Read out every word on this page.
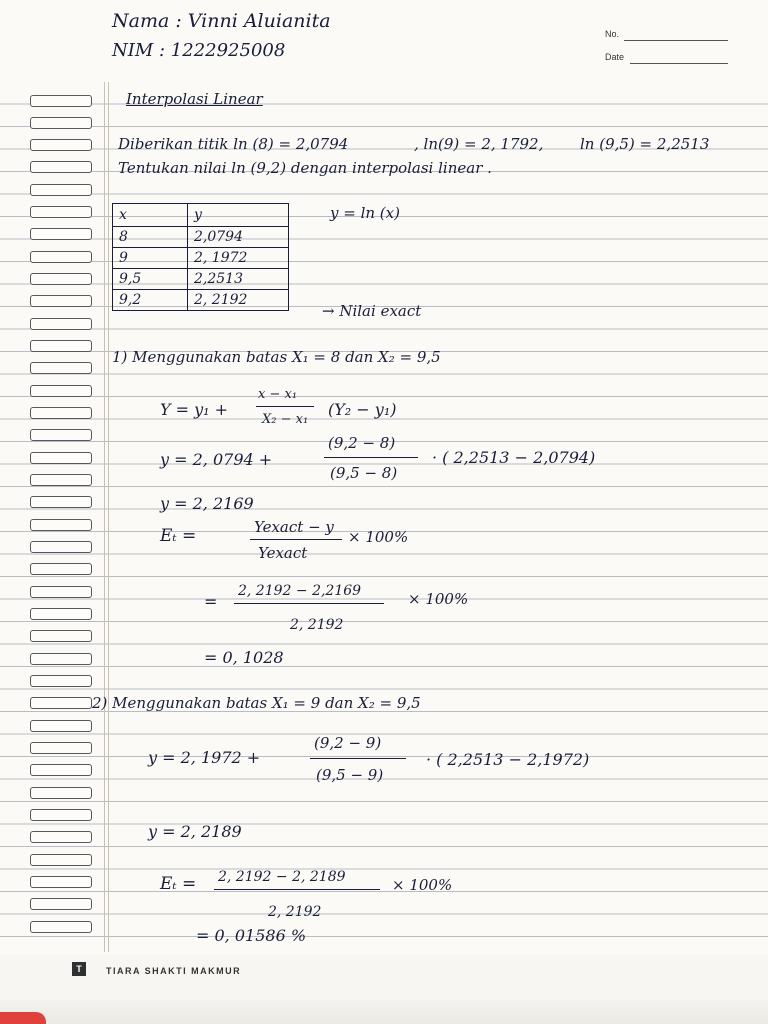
Nama : Vinni Aluianita
NIM : 1222925008
No.
Date
Interpolasi Linear
Diberikan titik ln (8) = 2,0794	, ln(9) = 2, 1792, ln (9,5) = 2,2513
Tentukan nilai ln (9,2) dengan interpolasi linear .
x	y
8	2,0794
9	2, 1972
9,5	2,2513
9,2	2, 2192
y = ln (x)
→ Nilai exact
1) Menggunakan batas X₁ = 8 dan X₂ = 9,5
Y = y₁ +
x − x₁
X₂ − x₁
(Y₂ − y₁)
y = 2, 0794 +
(9,2 − 8)
(9,5 − 8)
· ( 2,2513 − 2,0794)
y = 2, 2169
Eₜ =	Yexact − y
Yexact
× 100%
=
2, 2192 − 2,2169
2, 2192
× 100%
= 0, 1028
2) Menggunakan batas X₁ = 9 dan X₂ = 9,5
y = 2, 1972 +
(9,2 − 9)
(9,5 − 9)
· ( 2,2513 − 2,1972)
y = 2, 2189
Eₜ = 2, 2192 − 2, 2189
2, 2192
× 100%
= 0, 01586 %
T	TIARA SHAKTI MAKMUR
